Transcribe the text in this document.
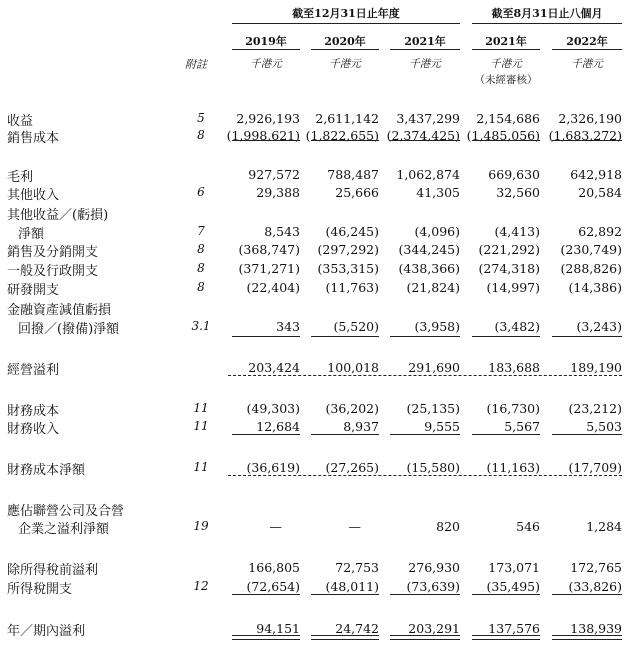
截至12月31日止年度	截至8月31日止八個月
2019年	2020年	2021年	2021年	2022年
附註	千港元	千港元	千港元	千港元	千港元
（未經審核）
收益	5	2,926,193	2,611,142	3,437,299	2,154,686	2,326,190
銷售成本	8	(1,998,621) (1,822,655) (2,374,425) (1,485,056) (1,683,272)
毛利	927,572	788,487	1,062,874	669,630	642,918
其他收入	6	29,388	25,666	41,305	32,560	20,584
其他收益／(虧損)
淨額	7	8,543	(46,245)	(4,096)	(4,413)	62,892
銷售及分銷開支	8	(368,747)	(297,292)	(344,245)	(221,292)	(230,749)
一般及行政開支	8	(371,271)	(353,315)	(438,366)	(274,318)	(288,826)
研發開支	8	(22,404)	(11,763)	(21,824)	(14,997)	(14,386)
金融資產減值虧損
回撥／(撥備)淨額	3.1	343	(5,520)	(3,958)	(3,482)	(3,243)
經營溢利	203,424	100,018	291,690	183,688	189,190
財務成本	11	(49,303)	(36,202)	(25,135)	(16,730)	(23,212)
財務收入	11	12,684	8,937	9,555	5,567	5,503
財務成本淨額	11	(36,619)	(27,265)	(15,580)	(11,163)	(17,709)
應佔聯營公司及合營
企業之溢利淨額	19	—	—	820	546	1,284
除所得稅前溢利	166,805	72,753	276,930	173,071	172,765
所得稅開支	12	(72,654)	(48,011)	(73,639)	(35,495)	(33,826)
年／期內溢利	94,151	24,742	203,291	137,576	138,939
